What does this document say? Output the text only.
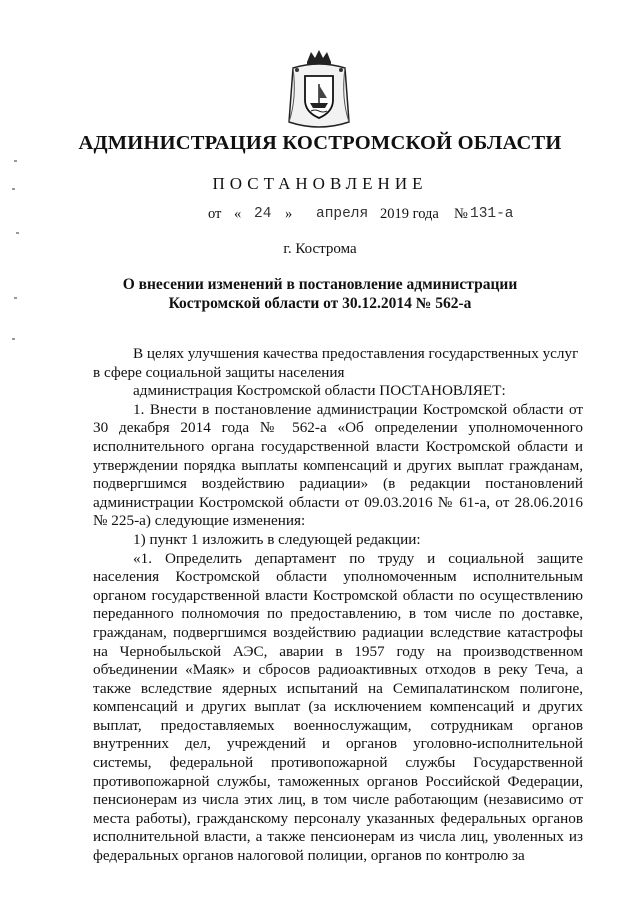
АДМИНИСТРАЦИЯ КОСТРОМСКОЙ ОБЛАСТИ
ПОСТАНОВЛЕНИЕ
от « 24 » апреля 2019 года № 131-а
г. Кострома
О внесении изменений в постановление администрации
Костромской области от 30.12.2014 № 562-а

В целях улучшения качества предоставления государственных услуг

в сфере социальной защиты населения

администрация Костромской области ПОСТАНОВЛЯЕТ:

1. Внести в постановление администрации Костромской области от 30 декабря 2014 года № 562-а «Об определении уполномоченного исполнительного органа государственной власти Костромской области и утверждении порядка выплаты компенсаций и других выплат гражданам, подвергшимся воздействию радиации» (в редакции постановлений администрации Костромской области от 09.03.2016 № 61-а, от 28.06.2016 № 225-а) следующие изменения:

1) пункт 1 изложить в следующей редакции:

«1. Определить департамент по труду и социальной защите населения Костромской области уполномоченным исполнительным органом государственной власти Костромской области по осуществлению переданного полномочия по предоставлению, в том числе по доставке, гражданам, подвергшимся воздействию радиации вследствие катастрофы на Чернобыльской АЭС, аварии в 1957 году на производственном объединении «Маяк» и сбросов радиоактивных отходов в реку Теча, а также вследствие ядерных испытаний на Семипалатинском полигоне, компенсаций и других выплат (за исключением компенсаций и других выплат, предоставляемых военнослужащим, сотрудникам органов внутренних дел, учреждений и органов уголовно-исполнительной системы, федеральной противопожарной службы Государственной противопожарной службы, таможенных органов Российской Федерации, пенсионерам из числа этих лиц, в том числе работающим (независимо от места работы), гражданскому персоналу указанных федеральных органов исполнительной власти, а также пенсионерам из числа лиц, уволенных из федеральных органов налоговой полиции, органов по контролю за
